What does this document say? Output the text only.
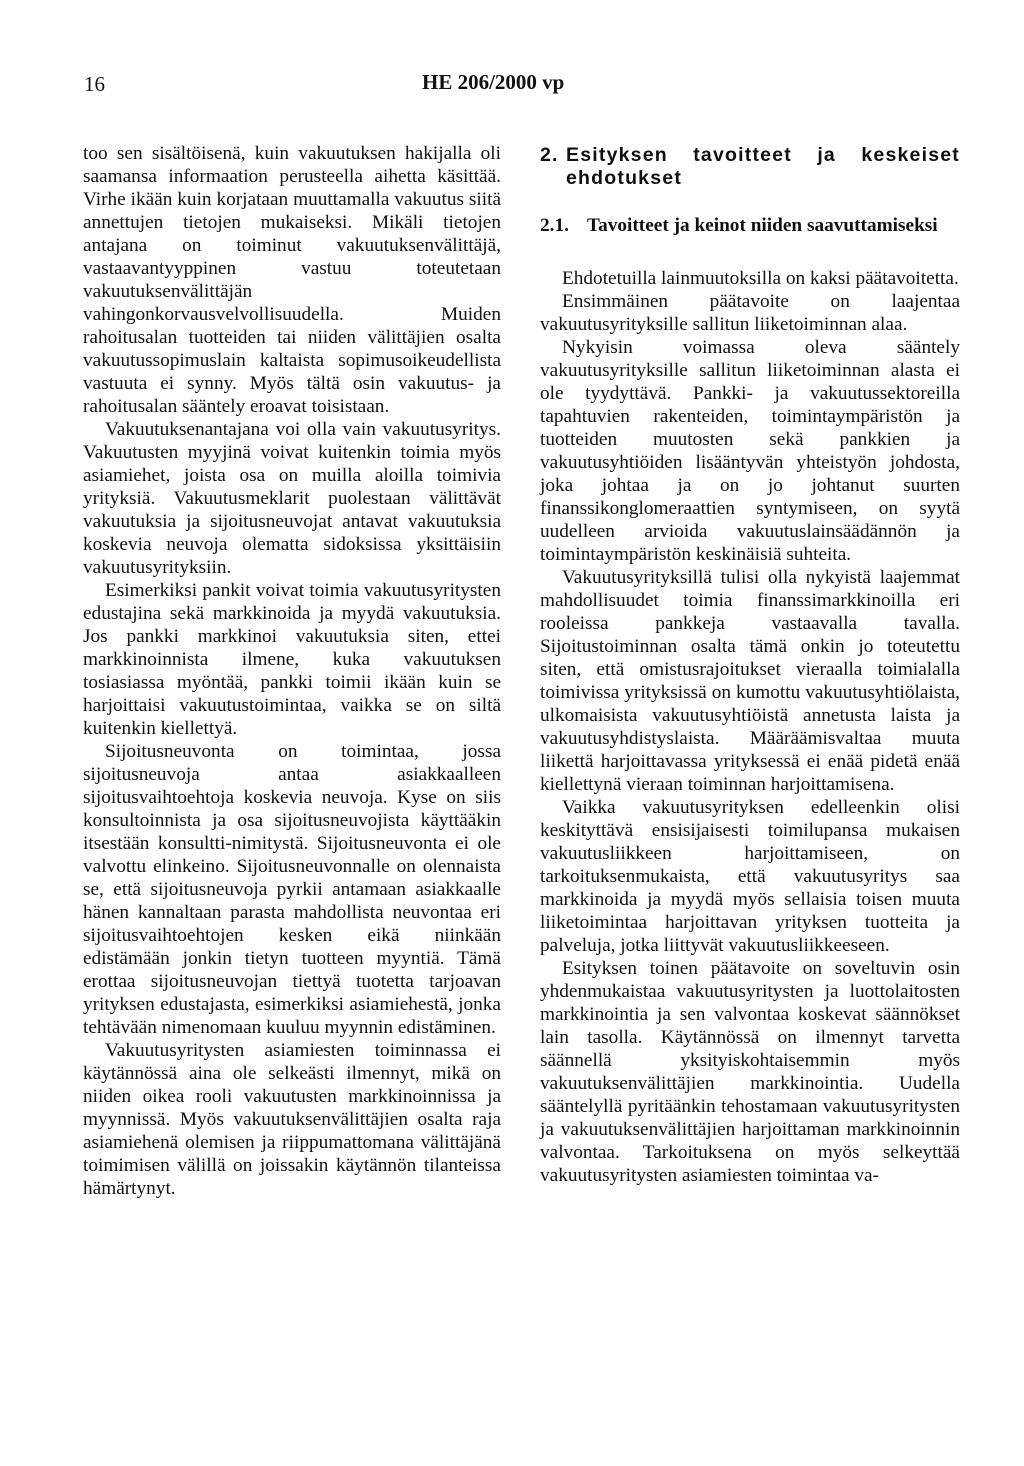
16	HE 206/2000 vp

too sen sisältöisenä, kuin vakuutuksen hakijalla oli saamansa informaation perusteella aihetta käsittää. Virhe ikään kuin korjataan muuttamalla vakuutus siitä annettujen tietojen mukaiseksi. Mikäli tietojen antajana on toiminut vakuutuksenvälittäjä, vastaavantyyppinen vastuu toteutetaan vakuutuksenvälittäjän vahingonkorvausvelvollisuudella. Muiden rahoitusalan tuotteiden tai niiden välittäjien osalta vakuutussopimuslain kaltaista sopimusoikeudellista vastuuta ei synny. Myös tältä osin vakuutus- ja rahoitusalan sääntely eroavat toisistaan.

Vakuutuksenantajana voi olla vain vakuutusyritys. Vakuutusten myyjinä voivat kuitenkin toimia myös asiamiehet, joista osa on muilla aloilla toimivia yrityksiä. Vakuutusmeklarit puolestaan välittävät vakuutuksia ja sijoitusneuvojat antavat vakuutuksia koskevia neuvoja olematta sidoksissa yksittäisiin vakuutusyrityksiin.

Esimerkiksi pankit voivat toimia vakuutusyritysten edustajina sekä markkinoida ja myydä vakuutuksia. Jos pankki markkinoi vakuutuksia siten, ettei markkinoinnista ilmene, kuka vakuutuksen tosiasiassa myöntää, pankki toimii ikään kuin se harjoittaisi vakuutustoimintaa, vaikka se on siltä kuitenkin kiellettyä.

Sijoitusneuvonta on toimintaa, jossa sijoitusneuvoja antaa asiakkaalleen sijoitusvaihtoehtoja koskevia neuvoja. Kyse on siis konsultoinnista ja osa sijoitusneuvojista käyttääkin itsestään konsultti-nimitystä. Sijoitusneuvonta ei ole valvottu elinkeino. Sijoitusneuvonnalle on olennaista se, että sijoitusneuvoja pyrkii antamaan asiakkaalle hänen kannaltaan parasta mahdollista neuvontaa eri sijoitusvaihtoehtojen kesken eikä niinkään edistämään jonkin tietyn tuotteen myyntiä. Tämä erottaa sijoitusneuvojan tiettyä tuotetta tarjoavan yrityksen edustajasta, esimerkiksi asiamiehestä, jonka tehtävään nimenomaan kuuluu myynnin edistäminen.

Vakuutusyritysten asiamiesten toiminnassa ei käytännössä aina ole selkeästi ilmennyt, mikä on niiden oikea rooli vakuutusten markkinoinnissa ja myynnissä. Myös vakuutuksenvälittäjien osalta raja asiamiehenä olemisen ja riippumattomana välittäjänä toimimisen välillä on joissakin käytännön tilanteissa hämärtynyt.

2. Esityksen tavoitteet ja keskeiset ehdotukset
2.1. Tavoitteet ja keinot niiden saavuttamiseksi

Ehdotetuilla lainmuutoksilla on kaksi päätavoitetta.

Ensimmäinen päätavoite on laajentaa vakuutusyrityksille sallitun liiketoiminnan alaa.

Nykyisin voimassa oleva sääntely vakuutusyrityksille sallitun liiketoiminnan alasta ei ole tyydyttävä. Pankki- ja vakuutussektoreilla tapahtuvien rakenteiden, toimintaympäristön ja tuotteiden muutosten sekä pankkien ja vakuutusyhtiöiden lisääntyvän yhteistyön johdosta, joka johtaa ja on jo johtanut suurten finanssikonglomeraattien syntymiseen, on syytä uudelleen arvioida vakuutuslainsäädännön ja toimintaympäristön keskinäisiä suhteita.

Vakuutusyrityksillä tulisi olla nykyistä laajemmat mahdollisuudet toimia finanssimarkkinoilla eri rooleissa pankkeja vastaavalla tavalla. Sijoitustoiminnan osalta tämä onkin jo toteutettu siten, että omistusrajoitukset vieraalla toimialalla toimivissa yrityksissä on kumottu vakuutusyhtiölaista, ulkomaisista vakuutusyhtiöistä annetusta laista ja vakuutusyhdistyslaista. Määräämisvaltaa muuta liikettä harjoittavassa yrityksessä ei enää pidetä enää kiellettynä vieraan toiminnan harjoittamisena.

Vaikka vakuutusyrityksen edelleenkin olisi keskityttävä ensisijaisesti toimilupansa mukaisen vakuutusliikkeen harjoittamiseen, on tarkoituksenmukaista, että vakuutusyritys saa markkinoida ja myydä myös sellaisia toisen muuta liiketoimintaa harjoittavan yrityksen tuotteita ja palveluja, jotka liittyvät vakuutusliikkeeseen.

Esityksen toinen päätavoite on soveltuvin osin yhdenmukaistaa vakuutusyritysten ja luottolaitosten markkinointia ja sen valvontaa koskevat säännökset lain tasolla. Käytännössä on ilmennyt tarvetta säännellä yksityiskohtaisemmin myös vakuutuksenvälittäjien markkinointia. Uudella sääntelyllä pyritäänkin tehostamaan vakuutusyritysten ja vakuutuksenvälittäjien harjoittaman markkinoinnin valvontaa. Tarkoituksena on myös selkeyttää vakuutusyritysten asiamiesten toimintaa va-
